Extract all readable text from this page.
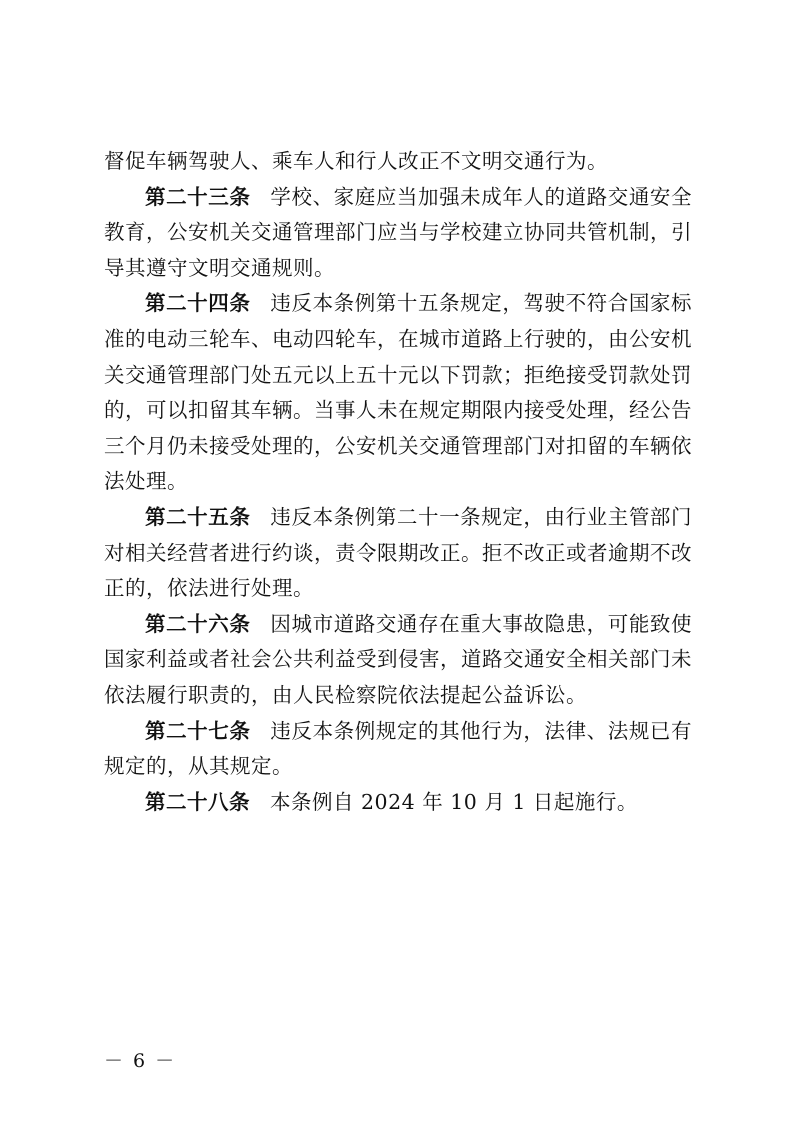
督促车辆驾驶人、乘车人和行人改正不文明交通行为。

第二十三条 学校、家庭应当加强未成年人的道路交通安全教育，公安机关交通管理部门应当与学校建立协同共管机制，引导其遵守文明交通规则。

第二十四条 违反本条例第十五条规定，驾驶不符合国家标准的电动三轮车、电动四轮车，在城市道路上行驶的，由公安机关交通管理部门处五元以上五十元以下罚款；拒绝接受罚款处罚的，可以扣留其车辆。当事人未在规定期限内接受处理，经公告三个月仍未接受处理的，公安机关交通管理部门对扣留的车辆依法处理。

第二十五条 违反本条例第二十一条规定，由行业主管部门对相关经营者进行约谈，责令限期改正。拒不改正或者逾期不改正的，依法进行处理。

第二十六条 因城市道路交通存在重大事故隐患，可能致使国家利益或者社会公共利益受到侵害，道路交通安全相关部门未依法履行职责的，由人民检察院依法提起公益诉讼。

第二十七条 违反本条例规定的其他行为，法律、法规已有规定的，从其规定。

第二十八条 本条例自 2024 年 10 月 1 日起施行。

－ 6 －
